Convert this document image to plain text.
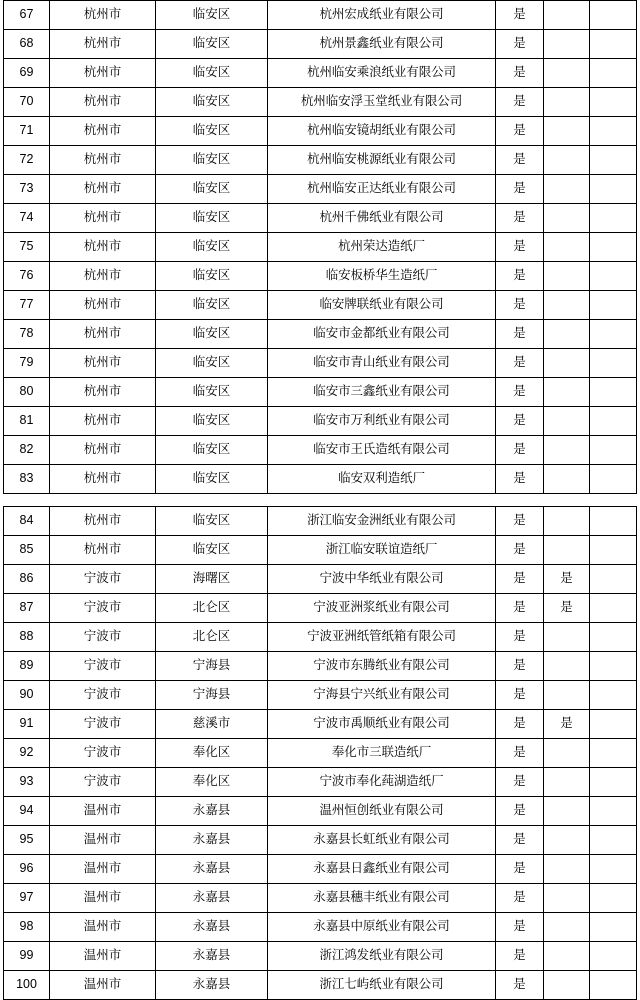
67	杭州市	临安区	杭州宏成纸业有限公司	是		
68	杭州市	临安区	杭州景鑫纸业有限公司	是		
69	杭州市	临安区	杭州临安乘浪纸业有限公司	是		
70	杭州市	临安区	杭州临安浮玉堂纸业有限公司	是		
71	杭州市	临安区	杭州临安镜胡纸业有限公司	是		
72	杭州市	临安区	杭州临安桃源纸业有限公司	是		
73	杭州市	临安区	杭州临安正达纸业有限公司	是		
74	杭州市	临安区	杭州千佛纸业有限公司	是		
75	杭州市	临安区	杭州荣达造纸厂	是		
76	杭州市	临安区	临安板桥华生造纸厂	是		
77	杭州市	临安区	临安牌联纸业有限公司	是		
78	杭州市	临安区	临安市金都纸业有限公司	是		
79	杭州市	临安区	临安市青山纸业有限公司	是		
80	杭州市	临安区	临安市三鑫纸业有限公司	是		
81	杭州市	临安区	临安市万利纸业有限公司	是		
82	杭州市	临安区	临安市王氏造纸有限公司	是		
83	杭州市	临安区	临安双利造纸厂	是		
84	杭州市	临安区	浙江临安金洲纸业有限公司	是		
85	杭州市	临安区	浙江临安联谊造纸厂	是		
86	宁波市	海曙区	宁波中华纸业有限公司	是	是	
87	宁波市	北仑区	宁波亚洲浆纸业有限公司	是	是	
88	宁波市	北仑区	宁波亚洲纸管纸箱有限公司	是		
89	宁波市	宁海县	宁波市东腾纸业有限公司	是		
90	宁波市	宁海县	宁海县宁兴纸业有限公司	是		
91	宁波市	慈溪市	宁波市禹顺纸业有限公司	是	是	
92	宁波市	奉化区	奉化市三联造纸厂	是		
93	宁波市	奉化区	宁波市奉化莼湖造纸厂	是		
94	温州市	永嘉县	温州恒创纸业有限公司	是		
95	温州市	永嘉县	永嘉县长虹纸业有限公司	是		
96	温州市	永嘉县	永嘉县日鑫纸业有限公司	是		
97	温州市	永嘉县	永嘉县穗丰纸业有限公司	是		
98	温州市	永嘉县	永嘉县中原纸业有限公司	是		
99	温州市	永嘉县	浙江鸿发纸业有限公司	是		
100	温州市	永嘉县	浙江七屿纸业有限公司	是		
